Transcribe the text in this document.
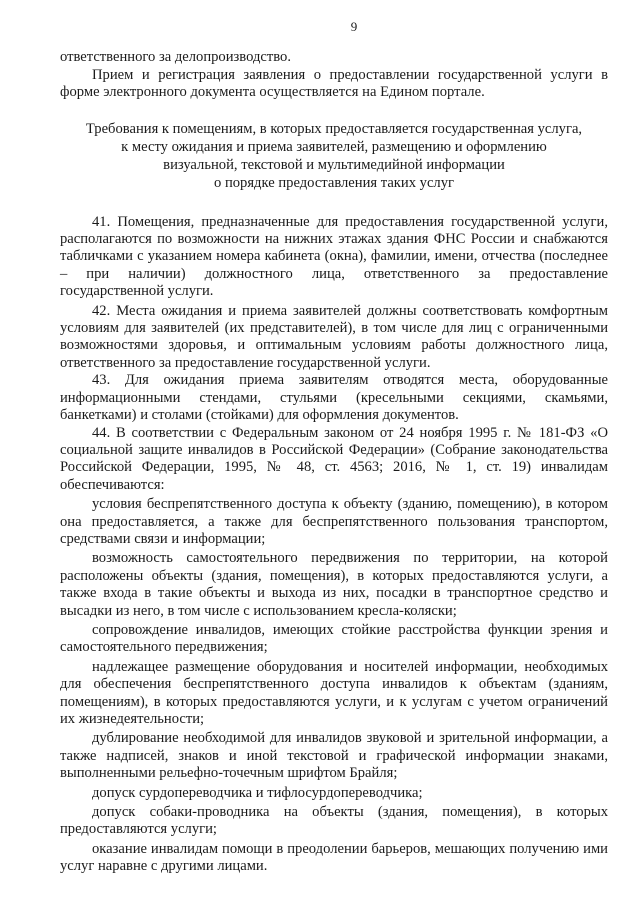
9

ответственного за делопроизводство.

Прием и регистрация заявления о предоставлении государственной услуги в форме электронного документа осуществляется на Едином портале.

Требования к помещениям, в которых предоставляется государственная услуга,
к месту ожидания и приема заявителей, размещению и оформлению
визуальной, текстовой и мультимедийной информации
о порядке предоставления таких услуг

41. Помещения, предназначенные для предоставления государственной услуги, располагаются по возможности на нижних этажах здания ФНС России и снабжаются табличками с указанием номера кабинета (окна), фамилии, имени, отчества (последнее – при наличии) должностного лица, ответственного за предоставление государственной услуги.

42. Места ожидания и приема заявителей должны соответствовать комфортным условиям для заявителей (их представителей), в том числе для лиц с ограниченными возможностями здоровья, и оптимальным условиям работы должностного лица, ответственного за предоставление государственной услуги.

43. Для ожидания приема заявителям отводятся места, оборудованные информационными стендами, стульями (кресельными секциями, скамьями, банкетками) и столами (стойками) для оформления документов.

44. В соответствии с Федеральным законом от 24 ноября 1995 г. № 181-ФЗ «О социальной защите инвалидов в Российской Федерации» (Собрание законодательства Российской Федерации, 1995, № 48, ст. 4563; 2016, № 1, ст. 19) инвалидам обеспечиваются:

условия беспрепятственного доступа к объекту (зданию, помещению), в котором она предоставляется, а также для беспрепятственного пользования транспортом, средствами связи и информации;

возможность самостоятельного передвижения по территории, на которой расположены объекты (здания, помещения), в которых предоставляются услуги, а также входа в такие объекты и выхода из них, посадки в транспортное средство и высадки из него, в том числе с использованием кресла-коляски;

сопровождение инвалидов, имеющих стойкие расстройства функции зрения и самостоятельного передвижения;

надлежащее размещение оборудования и носителей информации, необходимых для обеспечения беспрепятственного доступа инвалидов к объектам (зданиям, помещениям), в которых предоставляются услуги, и к услугам с учетом ограничений их жизнедеятельности;

дублирование необходимой для инвалидов звуковой и зрительной информации, а также надписей, знаков и иной текстовой и графической информации знаками, выполненными рельефно-точечным шрифтом Брайля;

допуск сурдопереводчика и тифлосурдопереводчика;

допуск собаки-проводника на объекты (здания, помещения), в которых предоставляются услуги;

оказание инвалидам помощи в преодолении барьеров, мешающих получению ими услуг наравне с другими лицами.
